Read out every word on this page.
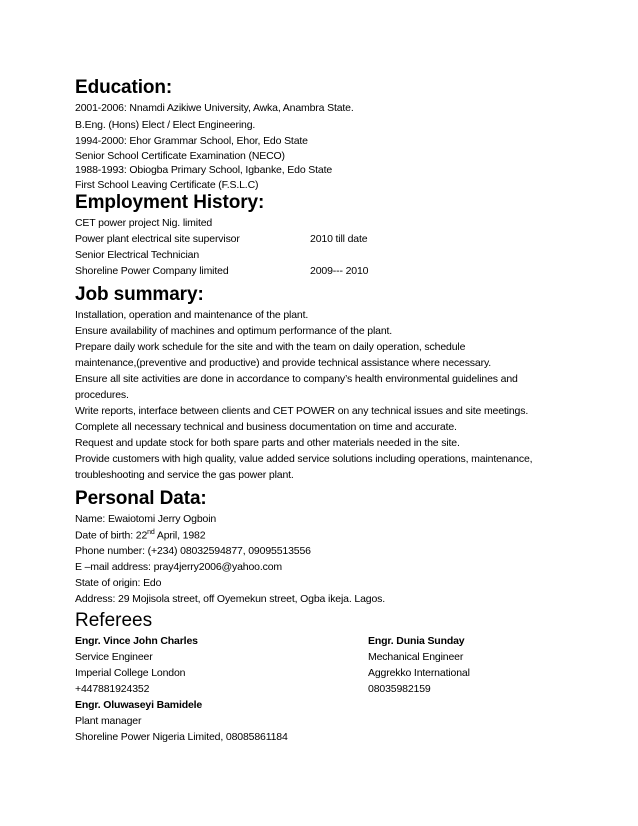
Education:
2001-2006: Nnamdi Azikiwe University, Awka, Anambra State.
B.Eng. (Hons) Elect / Elect Engineering.
1994-2000: Ehor Grammar School, Ehor, Edo State
Senior School Certificate Examination (NECO)
1988-1993: Obiogba Primary School, Igbanke, Edo State
First School Leaving Certificate (F.S.L.C)
Employment History:
CET power project Nig. limited
Power plant electrical site supervisor	2010 till date
Senior Electrical Technician
Shoreline Power Company limited	2009--- 2010
Job summary:
Installation, operation and maintenance of the plant.
Ensure availability of machines and optimum performance of the plant.
Prepare daily work schedule for the site and with the team on daily operation, schedule
maintenance,(preventive and productive) and provide technical assistance where necessary.
Ensure all site activities are done in accordance to company’s health environmental guidelines and
procedures.
Write reports, interface between clients and CET POWER on any technical issues and site meetings.
Complete all necessary technical and business documentation on time and accurate.
Request and update stock for both spare parts and other materials needed in the site.
Provide customers with high quality, value added service solutions including operations, maintenance,
troubleshooting and service the gas power plant.
Personal Data:
Name: Ewaiotomi Jerry Ogboin
Date of birth: 22nd April, 1982
Phone number: (+234) 08032594877, 09095513556
E –mail address: pray4jerry2006@yahoo.com
State of origin: Edo
Address: 29 Mojisola street, off Oyemekun street, Ogba ikeja. Lagos.
Referees
Engr. Vince John Charles
Service Engineer
Imperial College London
+447881924352
Engr. Dunia Sunday
Mechanical Engineer
Aggrekko International
08035982159
Engr. Oluwaseyi Bamidele
Plant manager
Shoreline Power Nigeria Limited, 08085861184
